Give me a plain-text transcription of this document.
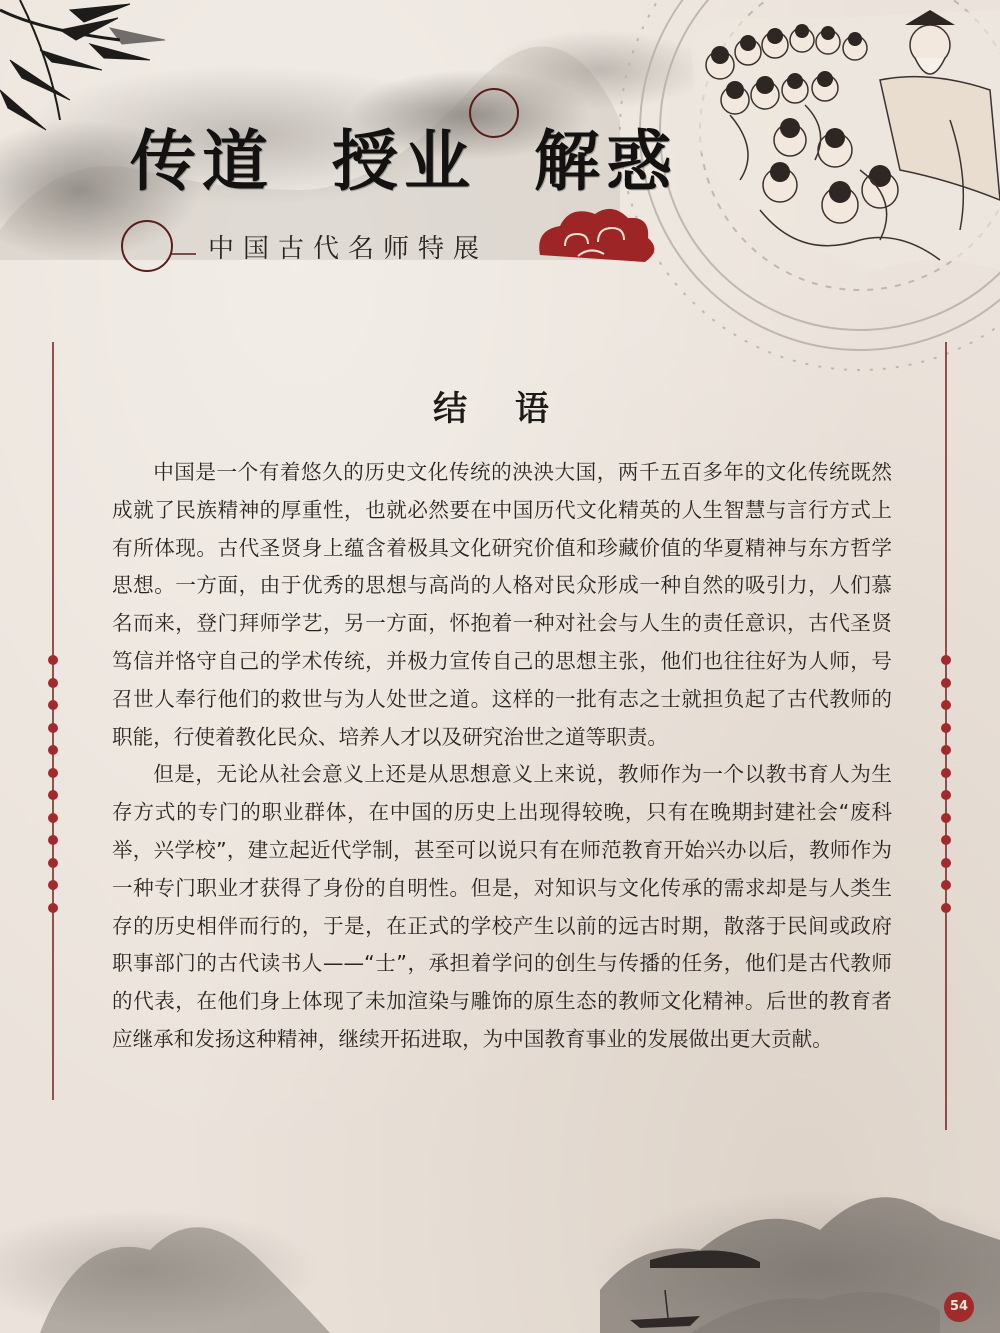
传道  授业  解惑
中国古代名师特展
结 语

中国是一个有着悠久的历史文化传统的泱泱大国，两千五百多年的文化传统既然成就了民族精神的厚重性，也就必然要在中国历代文化精英的人生智慧与言行方式上有所体现。古代圣贤身上蕴含着极具文化研究价值和珍藏价值的华夏精神与东方哲学思想。一方面，由于优秀的思想与高尚的人格对民众形成一种自然的吸引力，人们慕名而来，登门拜师学艺，另一方面，怀抱着一种对社会与人生的责任意识，古代圣贤笃信并恪守自己的学术传统，并极力宣传自己的思想主张，他们也往往好为人师，号召世人奉行他们的救世与为人处世之道。这样的一批有志之士就担负起了古代教师的职能，行使着教化民众、培养人才以及研究治世之道等职责。

但是，无论从社会意义上还是从思想意义上来说，教师作为一个以教书育人为生存方式的专门的职业群体，在中国的历史上出现得较晚，只有在晚期封建社会“废科举，兴学校”，建立起近代学制，甚至可以说只有在师范教育开始兴办以后，教师作为一种专门职业才获得了身份的自明性。但是，对知识与文化传承的需求却是与人类生存的历史相伴而行的，于是，在正式的学校产生以前的远古时期，散落于民间或政府职事部门的古代读书人——“士”，承担着学问的创生与传播的任务，他们是古代教师的代表，在他们身上体现了未加渲染与雕饰的原生态的教师文化精神。后世的教育者应继承和发扬这种精神，继续开拓进取，为中国教育事业的发展做出更大贡献。

54
